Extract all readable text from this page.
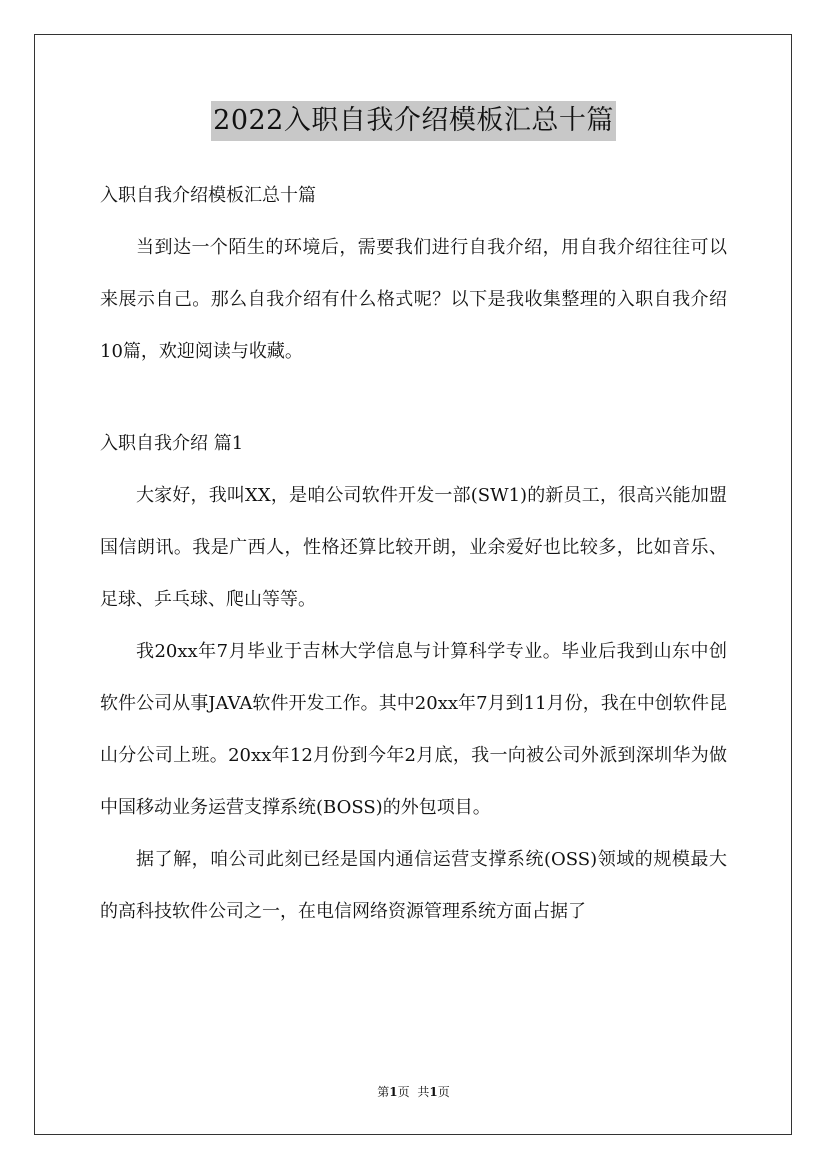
2022入职自我介绍模板汇总十篇

入职自我介绍模板汇总十篇

当到达一个陌生的环境后，需要我们进行自我介绍，用自我介绍往往可以来展示自己。那么自我介绍有什么格式呢？以下是我收集整理的入职自我介绍10篇，欢迎阅读与收藏。

入职自我介绍 篇1

大家好，我叫XX，是咱公司软件开发一部(SW1)的新员工，很高兴能加盟国信朗讯。我是广西人，性格还算比较开朗，业余爱好也比较多，比如音乐、足球、乒乓球、爬山等等。

我20xx年7月毕业于吉林大学信息与计算科学专业。毕业后我到山东中创软件公司从事JAVA软件开发工作。其中20xx年7月到11月份，我在中创软件昆山分公司上班。20xx年12月份到今年2月底，我一向被公司外派到深圳华为做中国移动业务运营支撑系统(BOSS)的外包项目。

据了解，咱公司此刻已经是国内通信运营支撑系统(OSS)领域的规模最大的高科技软件公司之一，在电信网络资源管理系统方面占据了

第1页 共1页
